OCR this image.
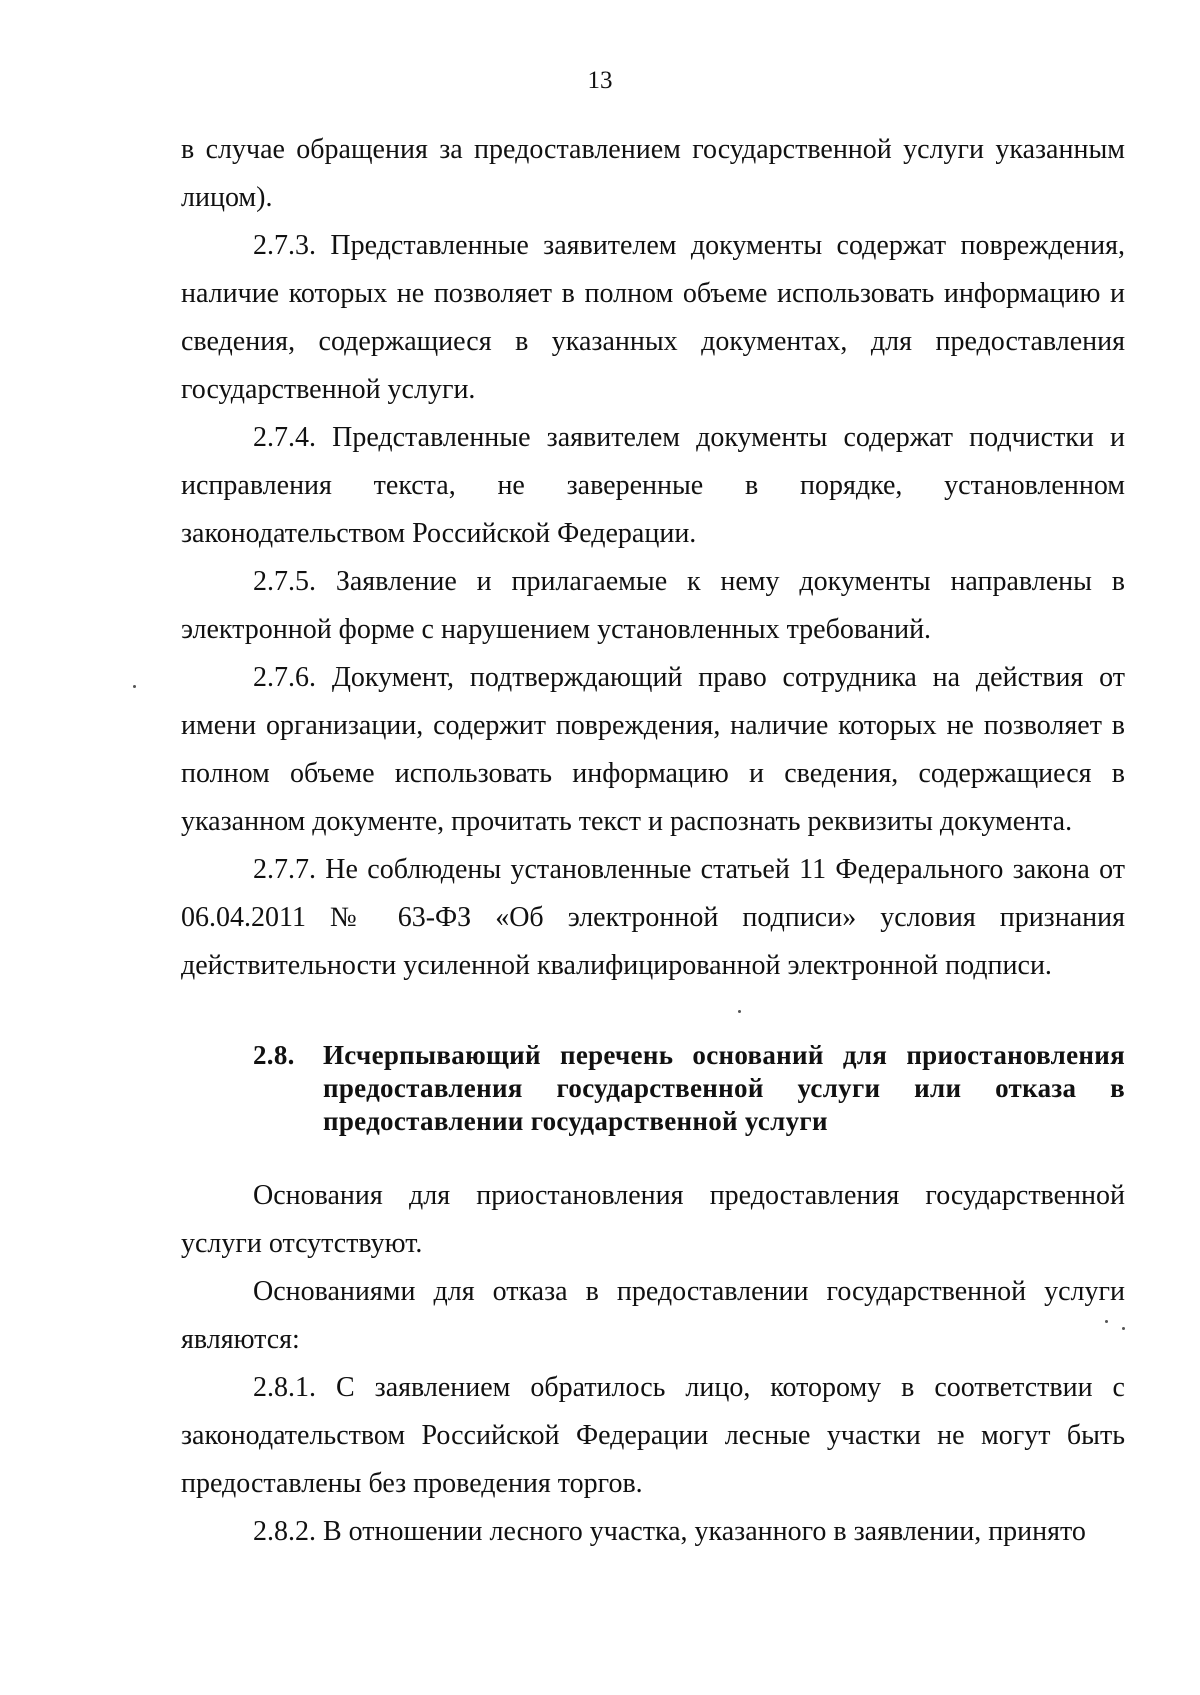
13

в случае обращения за предоставлением государственной услуги указанным лицом).

2.7.3. Представленные заявителем документы содержат повреждения, наличие которых не позволяет в полном объеме использовать информацию и сведения, содержащиеся в указанных документах, для предоставления государственной услуги.

2.7.4. Представленные заявителем документы содержат подчистки и исправления текста, не заверенные в порядке, установленном законодательством Российской Федерации.

2.7.5. Заявление и прилагаемые к нему документы направлены в электронной форме с нарушением установленных требований.

2.7.6. Документ, подтверждающий право сотрудника на действия от имени организации, содержит повреждения, наличие которых не позволяет в полном объеме использовать информацию и сведения, содержащиеся в указанном документе, прочитать текст и распознать реквизиты документа.

2.7.7. Не соблюдены установленные статьей 11 Федерального закона от 06.04.2011 № 63-ФЗ «Об электронной подписи» условия признания действительности усиленной квалифицированной электронной подписи.

2.8.	Исчерпывающий перечень оснований для приостановления предоставления государственной услуги или отказа в предоставлении государственной услуги

Основания для приостановления предоставления государственной услуги отсутствуют.

Основаниями для отказа в предоставлении государственной услуги являются:

2.8.1. С заявлением обратилось лицо, которому в соответствии с законодательством Российской Федерации лесные участки не могут быть предоставлены без проведения торгов.

2.8.2. В отношении лесного участка, указанного в заявлении, принято
